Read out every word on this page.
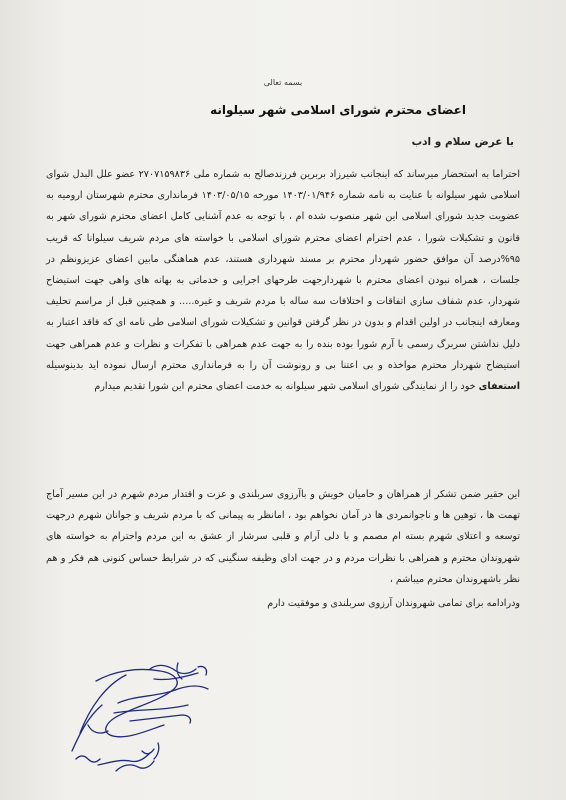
بسمه تعالی
اعضای محترم شورای اسلامی شهر سیلوانه
با عرض سلام و ادب
احتراما به استحضار میرساند که اینجانب شیرزاد بربرین فرزندصالح به شماره ملی ۲۷۰۷۱۵۹۸۳۶ عضو علل البدل شوای اسلامی شهر سیلوانه با عنایت به نامه شماره ۱۴۰۳/۰۱/۹۴۶ مورخه ۱۴۰۳/۰۵/۱۵ فرمانداری محترم شهرستان ارومیه به عضویت جدید شورای اسلامی این شهر منصوب شده ام ، با توجه به عدم آشنایی کامل اعضای محترم شورای شهر به قانون و تشکیلات شورا ، عدم احترام اعضای محترم شورای اسلامی با خواسته های مردم شریف سیلوانا که قریب ۹۵%درصد آن موافق حضور شهردار محترم بر مسند شهرداری هستند، عدم هماهنگی مابین اعضای عزیزونظم در جلسات ، همراه نبودن اعضای محترم با شهردارجهت طرحهای اجرایی و خدماتی به بهانه های واهی جهت استیضاح شهردار، عدم شفاف سازی اتفاقات و اختلافات سه ساله با مردم شریف و غیره..... و همچنین قبل از مراسم تحلیف ومعارفه اینجانب در اولین اقدام و بدون در نظر گرفتن قوانین و تشکیلات شورای اسلامی طی نامه ای که فاقد اعتبار به دلیل نداشتن سربرگ رسمی با آرم شورا بوده بنده را به جهت عدم همراهی با تفکرات و نظرات و عدم همراهی جهت استیضاح شهردار محترم مواخذه و بی اعتنا بی و رونوشت آن را به فرمانداری محترم ارسال نموده اید بدینوسیله استعفای خود را از نمایندگی شورای اسلامی شهر سیلوانه به خدمت اعضای محترم این شورا تقدیم میدارم
این حقیر ضمن تشکر از همراهان و حامیان خویش و باآرزوی سربلندی و عزت و اقتدار مردم شهرم در این مسیر آماج تهمت ها ، توهین ها و ناجوانمردی ها در آمان نخواهم بود ، امانظر به پیمانی که با مردم شریف و جوانان شهرم درجهت توسعه و اعتلای شهرم بسته ام مصمم و با دلی آرام و قلبی سرشار از عشق به این مردم واحترام به خواسته های شهروندان محترم و همراهی با نظرات مردم و در جهت ادای وظیفه سنگینی که در شرایط حساس کنونی هم فکر و هم نظر باشهروندان محترم میباشم ،
ودرادامه برای تمامی شهروندان آرزوی سربلندی و موفقیت دارم
